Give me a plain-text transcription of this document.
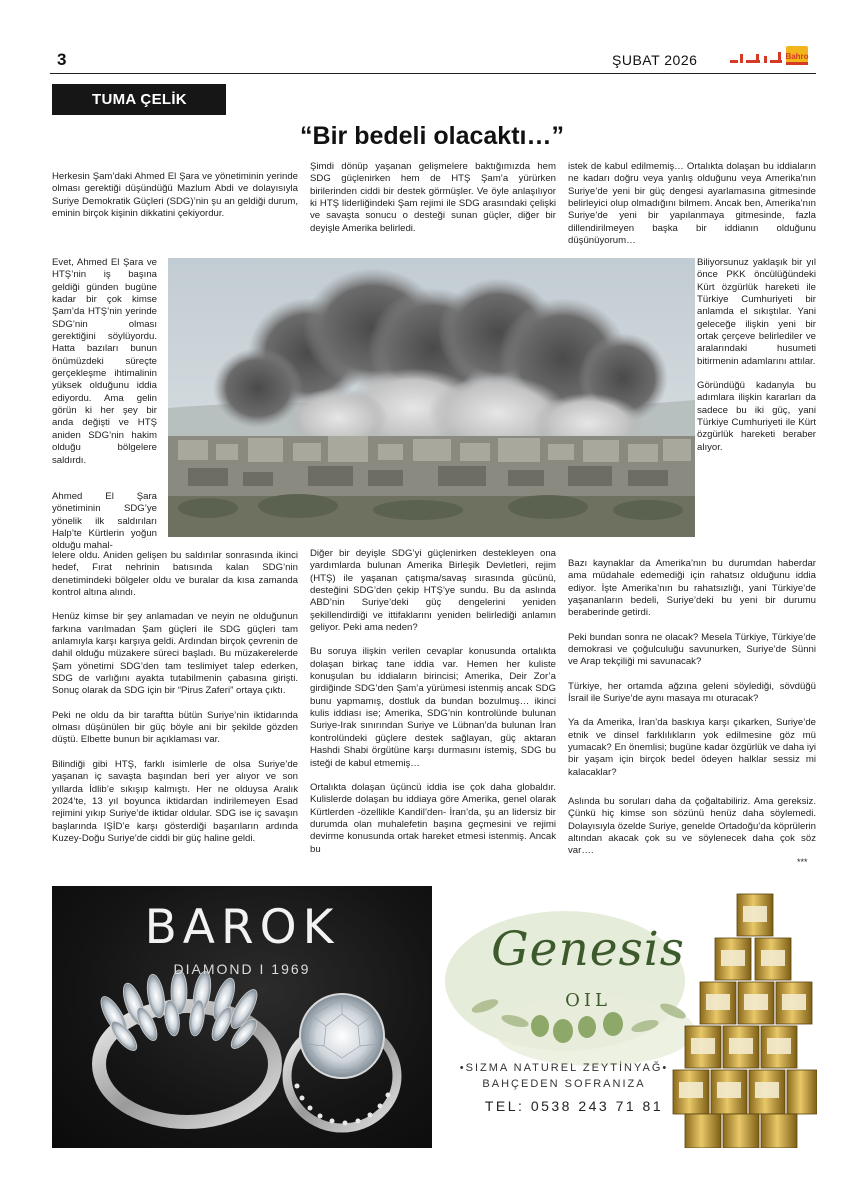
3	ŞUBAT 2026	Bahro
TUMA ÇELİK
“Bir bedeli olacaktı…”

Herkesin Şam’daki Ahmed El Şara ve yönetiminin yerinde olması gerektiği düşündüğü Mazlum Abdi ve dolayısıyla Suriye Demokratik Güçleri (SDG)’nin şu an geldiği durum, eminin birçok kişinin dikkatini çekiyordur.

Evet, Ahmed El Şara ve HTŞ’nin iş başına geldiği günden bugüne kadar bir çok kimse Şam’da HTŞ’nin yerinde SDG’nin olması gerektiğini söylüyordu. Hatta bazıları bunun önümüzdeki süreçte gerçekleşme ihtimalinin yüksek olduğunu iddia ediyordu. Ama gelin görün ki her şey bir anda değişti ve HTŞ aniden SDG’nin hakim olduğu bölgelere saldırdı.

Ahmed El Şara yönetiminin SDG’ye yönelik ilk saldırıları Halp’te Kürtlerin yoğun olduğu mahal-

lelere oldu. Aniden gelişen bu saldırılar sonrasında ikinci hedef, Fırat nehrinin batısında kalan SDG’nin denetimindeki bölgeler oldu ve buralar da kısa zamanda kontrol altına alındı.

Henüz kimse bir şey anlamadan ve neyin ne olduğunun farkına varılmadan Şam güçleri ile SDG güçleri tam anlamıyla karşı karşıya geldi. Ardından birçok çevrenin de dahil olduğu müzakere süreci başladı. Bu müzakerelerde Şam yönetimi SDG’den tam teslimiyet talep ederken, SDG de varlığını ayakta tutabilmenin çabasına girişti. Sonuç olarak da SDG için bir “Pirus Zaferi” ortaya çıktı.

Peki ne oldu da bir taraftta bütün Suriye’nin iktidarında olması düşünülen bir güç böyle ani bir şekilde gözden düştü. Elbette bunun bir açıklaması var.

Bilindiği gibi HTŞ, farklı isimlerle de olsa Suriye’de yaşanan iç savaşta başından beri yer alıyor ve son yıllarda İdlib’e sıkışıp kalmıştı. Her ne olduysa Aralık 2024’te, 13 yıl boyunca iktidardan indirilemeyen Esad rejimini yıkıp Suriye’de iktidar oldular. SDG ise iç savaşın başlarında IŞİD’e karşı gösterdiği başarıların ardında Kuzey-Doğu Suriye’de ciddi bir güç haline geldi.

Şimdi dönüp yaşanan gelişmelere baktığımızda hem SDG güçlenirken hem de HTŞ Şam’a yürürken birilerinden ciddi bir destek görmüşler. Ve öyle anlaşılıyor ki HTŞ liderliğindeki Şam rejimi ile SDG arasındaki çelişki ve savaşta sonucu o desteği sunan güçler, diğer bir deyişle Amerika belirledi.

Diğer bir deyişle SDG’yi güçlenirken destekleyen ona yardımlarda bulunan Amerika Birleşik Devletleri, rejim (HTŞ) ile yaşanan çatışma/savaş sırasında gücünü, desteğini SDG’den çekip HTŞ’ye sundu. Bu da aslında ABD’nin Suriye’deki güç dengelerini yeniden şekillendirdiği ve ittifaklarını yeniden belirlediği anlamın geliyor. Peki ama neden?

Bu soruya ilişkin verilen cevaplar konusunda ortalıkta dolaşan birkaç tane iddia var. Hemen her kuliste konuşulan bu iddiaların birincisi; Amerika, Deir Zor’a girdiğinde SDG’den Şam’a yürümesi istenmiş ancak SDG bunu yapmamış, dostluk da bundan bozulmuş… ikinci kulis iddiası ise; Amerika, SDG’nin kontrolünde bulunan Suriye-Irak sınırından Suriye ve Lübnan’da bulunan İran kontrolündeki güçlere destek sağlayan, güç aktaran Hashdi Shabi örgütüne karşı durmasını istemiş, SDG bu isteği de kabul etmemiş…

Ortalıkta dolaşan üçüncü iddia ise çok daha globaldır. Kulislerde dolaşan bu iddiaya göre Amerika, genel olarak Kürtlerden -özellikle Kandil’den- İran’da, şu an lidersiz bir durumda olan muhalefetin başına geçmesini ve rejimi devirme konusunda ortak hareket etmesi istenmiş. Ancak bu

istek de kabul edilmemiş… Ortalıkta dolaşan bu iddiaların ne kadarı doğru veya yanlış olduğunu veya Amerika’nın Suriye’de yeni bir güç dengesi ayarlamasına gitmesinde belirleyici olup olmadığını bilmem. Ancak ben, Amerika’nın Suriye’de yeni bir yapılanmaya gitmesinde, fazla dillendirilmeyen başka bir iddianın olduğunu düşünüyorum…

Biliyorsunuz yaklaşık bir yıl önce PKK öncülüğündeki Kürt özgürlük hareketi ile Türkiye Cumhuriyeti bir anlamda el sıkıştılar. Yani geleceğe ilişkin yeni bir ortak çerçeve belirlediler ve aralarındaki husumeti bitirmenin adamlarını attılar.

Göründüğü kadanyla bu adımlara ilişkin kararları da sadece bu iki güç, yani Türkiye Cumhuriyeti ile Kürt özgürlük hareketi beraber alıyor.

Bazı kaynaklar da Amerika’nın bu durumdan haberdar ama müdahale edemediği için rahatsız olduğunu iddia ediyor. İşte Amerika’nın bu rahatsızlığı, yani Türkiye’de yaşananların bedeli, Suriye’deki bu yeni bir durumu beraberinde getirdi.

Peki bundan sonra ne olacak? Mesela Türkiye, Türkiye’de demokrasi ve çoğulculuğu savunurken, Suriye’de Sünni ve Arap tekçiliği mi savunacak?

Türkiye, her ortamda ağzına geleni söylediği, sövdüğü İsrail ile Suriye’de aynı masaya mı oturacak?

Ya da Amerika, İran’da baskıya karşı çıkarken, Suriye’de etnik ve dinsel farklılıkların yok edilmesine göz mü yumacak? En önemlisi; bugüne kadar özgürlük ve daha iyi bir yaşam için birçok bedel ödeyen halklar sessiz mi kalacaklar?

Aslında bu soruları daha da çoğaltabiliriz. Ama gereksiz. Çünkü hiç kimse son sözünü henüz daha söylemedi. Dolayısıyla özelde Suriye, genelde Ortadoğu’da köprülerin altından akacak çok su ve söylenecek daha çok söz var….

***
BAROK
DIAMOND I 1969	Genesis
OIL
•SIZMA NATUREL ZEYTİNYAĞ•
BAHÇEDEN SOFRANIZA
TEL: 0538 243 71 81
